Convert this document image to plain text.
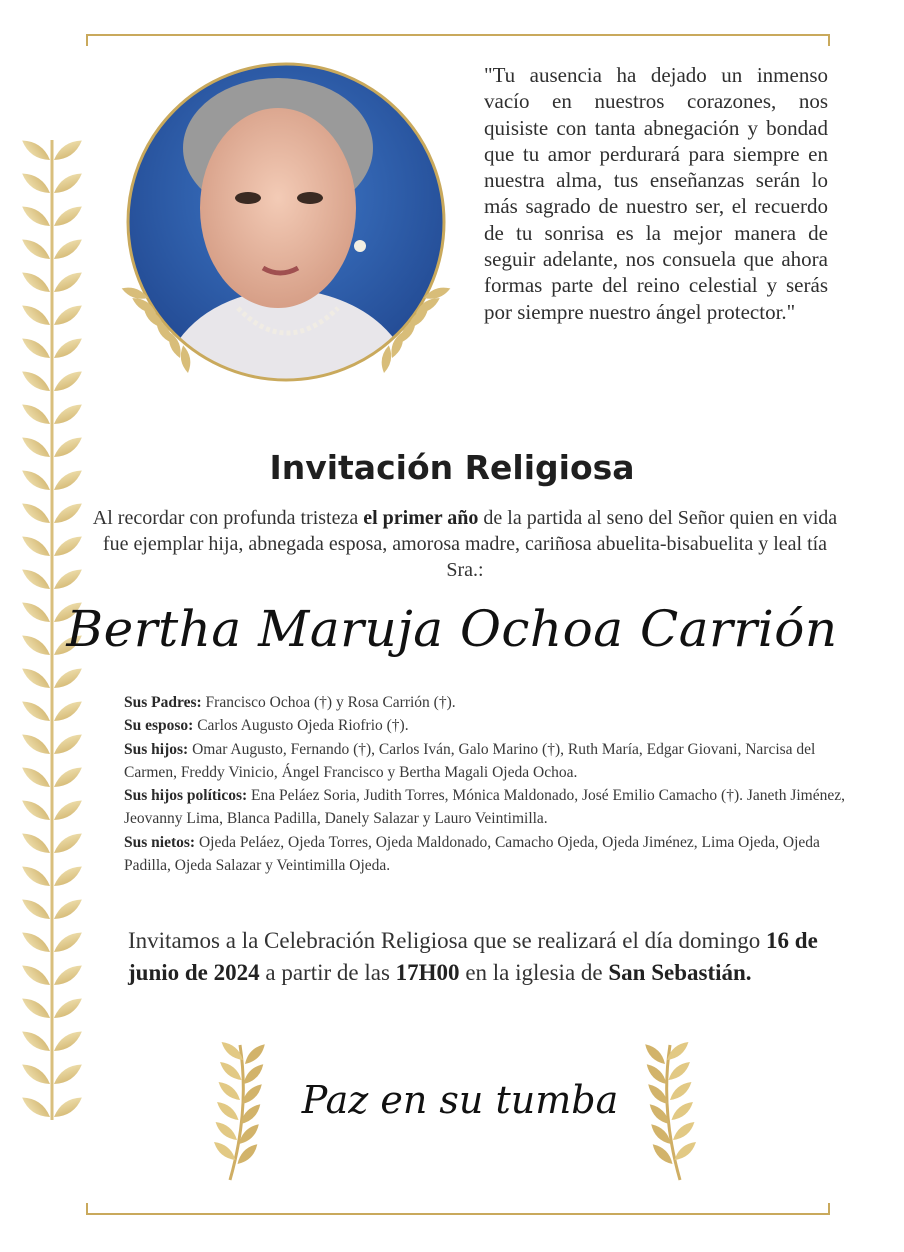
"Tu ausencia ha dejado un inmenso vacío en nuestros corazones, nos quisiste con tanta abnegación y bondad que tu amor perdurará para siempre en nuestra alma, tus enseñanzas serán lo más sagrado de nuestro ser, el recuerdo de tu sonrisa es la mejor manera de seguir adelante, nos consuela que ahora formas parte del reino celestial y serás por siempre nuestro ángel protector."
Invitación Religiosa
Al recordar con profunda tristeza el primer año de la partida al seno del Señor quien en vida fue ejemplar hija, abnegada esposa, amorosa madre, cariñosa abuelita-bisabuelita y leal tía Sra.:
Bertha Maruja Ochoa Carrión

Sus Padres: Francisco Ochoa (†) y Rosa Carrión (†).

Su esposo: Carlos Augusto Ojeda Riofrio (†).

Sus hijos: Omar Augusto, Fernando (†), Carlos Iván, Galo Marino (†), Ruth María, Edgar Giovani, Narcisa del Carmen, Freddy Vinicio, Ángel Francisco y Bertha Magali Ojeda Ochoa.

Sus hijos políticos: Ena Peláez Soria, Judith Torres, Mónica Maldonado, José Emilio Camacho (†). Janeth Jiménez, Jeovanny Lima, Blanca Padilla, Danely Salazar y Lauro Veintimilla.

Sus nietos: Ojeda Peláez, Ojeda Torres, Ojeda Maldonado, Camacho Ojeda, Ojeda Jiménez, Lima Ojeda, Ojeda Padilla, Ojeda Salazar y Veintimilla Ojeda.

Invitamos a la Celebración Religiosa que se realizará el día domingo 16 de junio de 2024 a partir de las 17H00 en la iglesia de San Sebastián.
Paz en su tumba
